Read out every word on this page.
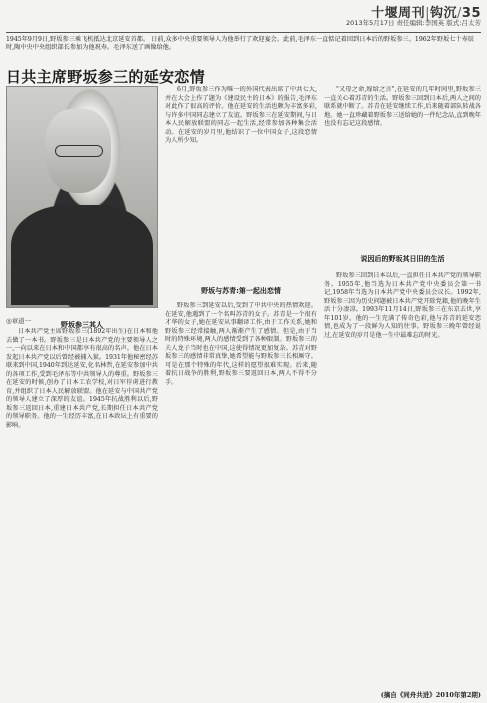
十堰周刊|钩沉/35
2013年5月17日 责任编辑:李国英 版式:吕太芳
1945年9月9日,野坂参三乘飞机抵达北京延安首都。 日前,众多中央重要领导人为他举行了欢迎宴会。此前,毛泽东一直惦记着回到日本后的野坂参三。1962年野坂七十寿辰时,陶中央中央组织部长参加为他祝寿。毛泽东送了画像给他。
日共主席野坂参三的延安恋情
◎章道一	野坂参三其人

日本共产党主席野坂参三(1892年出生)在日本和他去做了一本书。野坂参三是日本共产党的主要领导人之一,一向以来在日本和中国都享有很高的名声。他在日本发起日本共产党以后曾经被捕入狱。1931年他秘密经苏联来到中国,1940年到达延安,化名林哲,在延安参加中共的各项工作,受到毛泽东等中共领导人的尊重。野坂参三在延安的时候,创办了日本工农学校,对日军俘虏进行教育,并组织了日本人民解放联盟。他在延安与中国共产党的领导人建立了深厚的友谊。1945年抗战胜利以后,野坂参三返回日本,重建日本共产党,长期担任日本共产党的领导职务。他的一生经历丰富,在日本政坛上有重要的影响。

6月,野坂参三作为唯一的外国代表出席了中共七大,并在大会上作了题为《建设民主的日本》的报告,毛泽东对此作了很高的评价。他在延安的生活也颇为丰富多彩,与许多中国同志建立了友谊。野坂参三在延安期间,与日本人民解放联盟的同志一起生活,经常参加各种集会活动。在延安的岁月里,他结识了一位中国女子,这段恋情为人所少知。

野坂与苏青:第一起出恋情

野坂参三到延安以后,受到了中共中央的热情欢迎。在延安,他遇到了一个名叫苏青的女子。苏青是一个很有才华的女子,她在延安从事翻译工作,由于工作关系,她和野坂参三经常接触,两人渐渐产生了感情。但是,由于当时的特殊环境,两人的感情受到了各种限制。野坂参三的夫人龙子当时也在中国,这使得情况更加复杂。苏青对野坂参三的感情非常真挚,她希望能与野坂参三长相厮守。可是在那个特殊的年代,这样的愿望很难实现。后来,随着抗日战争的胜利,野坂参三要返回日本,两人不得不分手。

"又母之命,嫁给之言",在延安的几年时间里,野坂参三一直关心着苏青的生活。野坂参三回到日本后,两人之间的联系就中断了。苏青在延安继续工作,后来随着部队转战各地。她一直珍藏着野坂参三送给她的一件纪念品,直到晚年也没有忘记这段感情。

说因后的野坂其日旧的生活

野坂参三回到日本以后,一直担任日本共产党的领导职务。1955年,他当选为日本共产党中央委员会第一书记,1958年当选为日本共产党中央委员会议长。1992年,野坂参三因为历史问题被日本共产党开除党籍,他的晚年生活十分凄凉。1993年11月14日,野坂参三在东京去世,享年101岁。他的一生充满了传奇色彩,他与苏青的延安恋情,也成为了一段鲜为人知的往事。野坂参三晚年曾经说过,在延安的岁月是他一生中最难忘的时光。

(摘自《同舟共进》2010年第2期)
